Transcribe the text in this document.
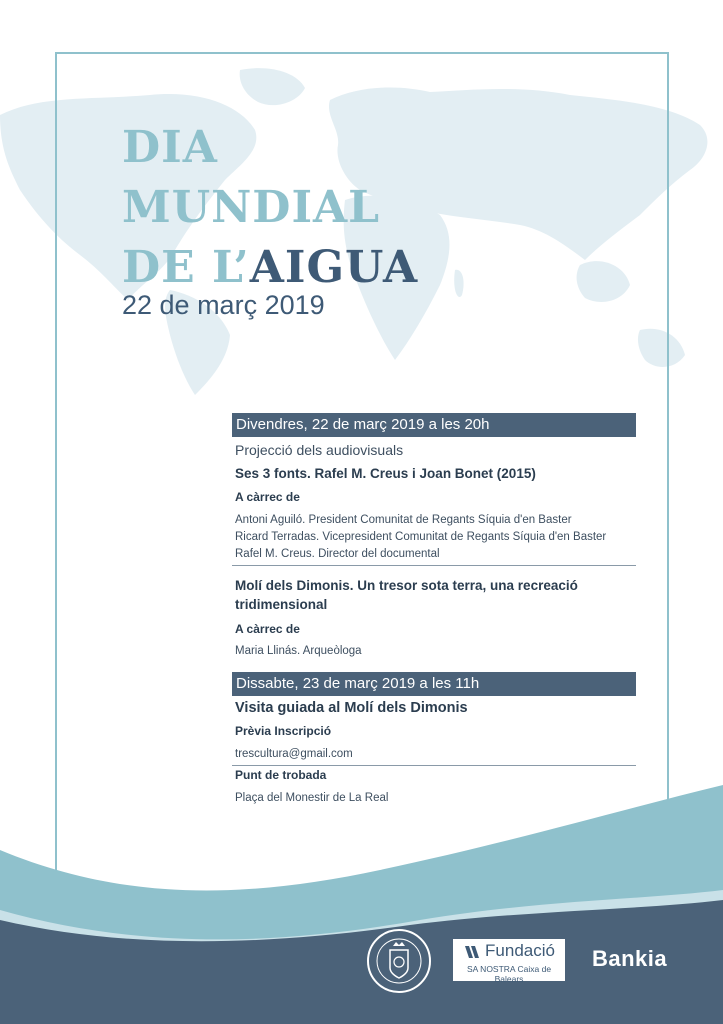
DIA
MUNDIAL
DE L’AIGUA
22 de març 2019
Divendres, 22 de març 2019 a les 20h
Projecció dels audiovisuals
Ses 3 fonts. Rafel M. Creus i Joan Bonet (2015)
A càrrec de
Antoni Aguiló. President Comunitat de Regants Síquia d'en Baster
Ricard Terradas. Vicepresident Comunitat de Regants Síquia d'en Baster
Rafel M. Creus. Director del documental
Molí dels Dimonis. Un tresor sota terra, una recreació
tridimensional
A càrrec de
Maria Llinás. Arqueòloga
Dissabte, 23 de març 2019 a les 11h
Visita guiada al Molí dels Dimonis
Prèvia Inscripció
trescultura@gmail.com
Punt de trobada
Plaça del Monestir de La Real
Fundació
SA NOSTRA Caixa de Balears
Bankia
